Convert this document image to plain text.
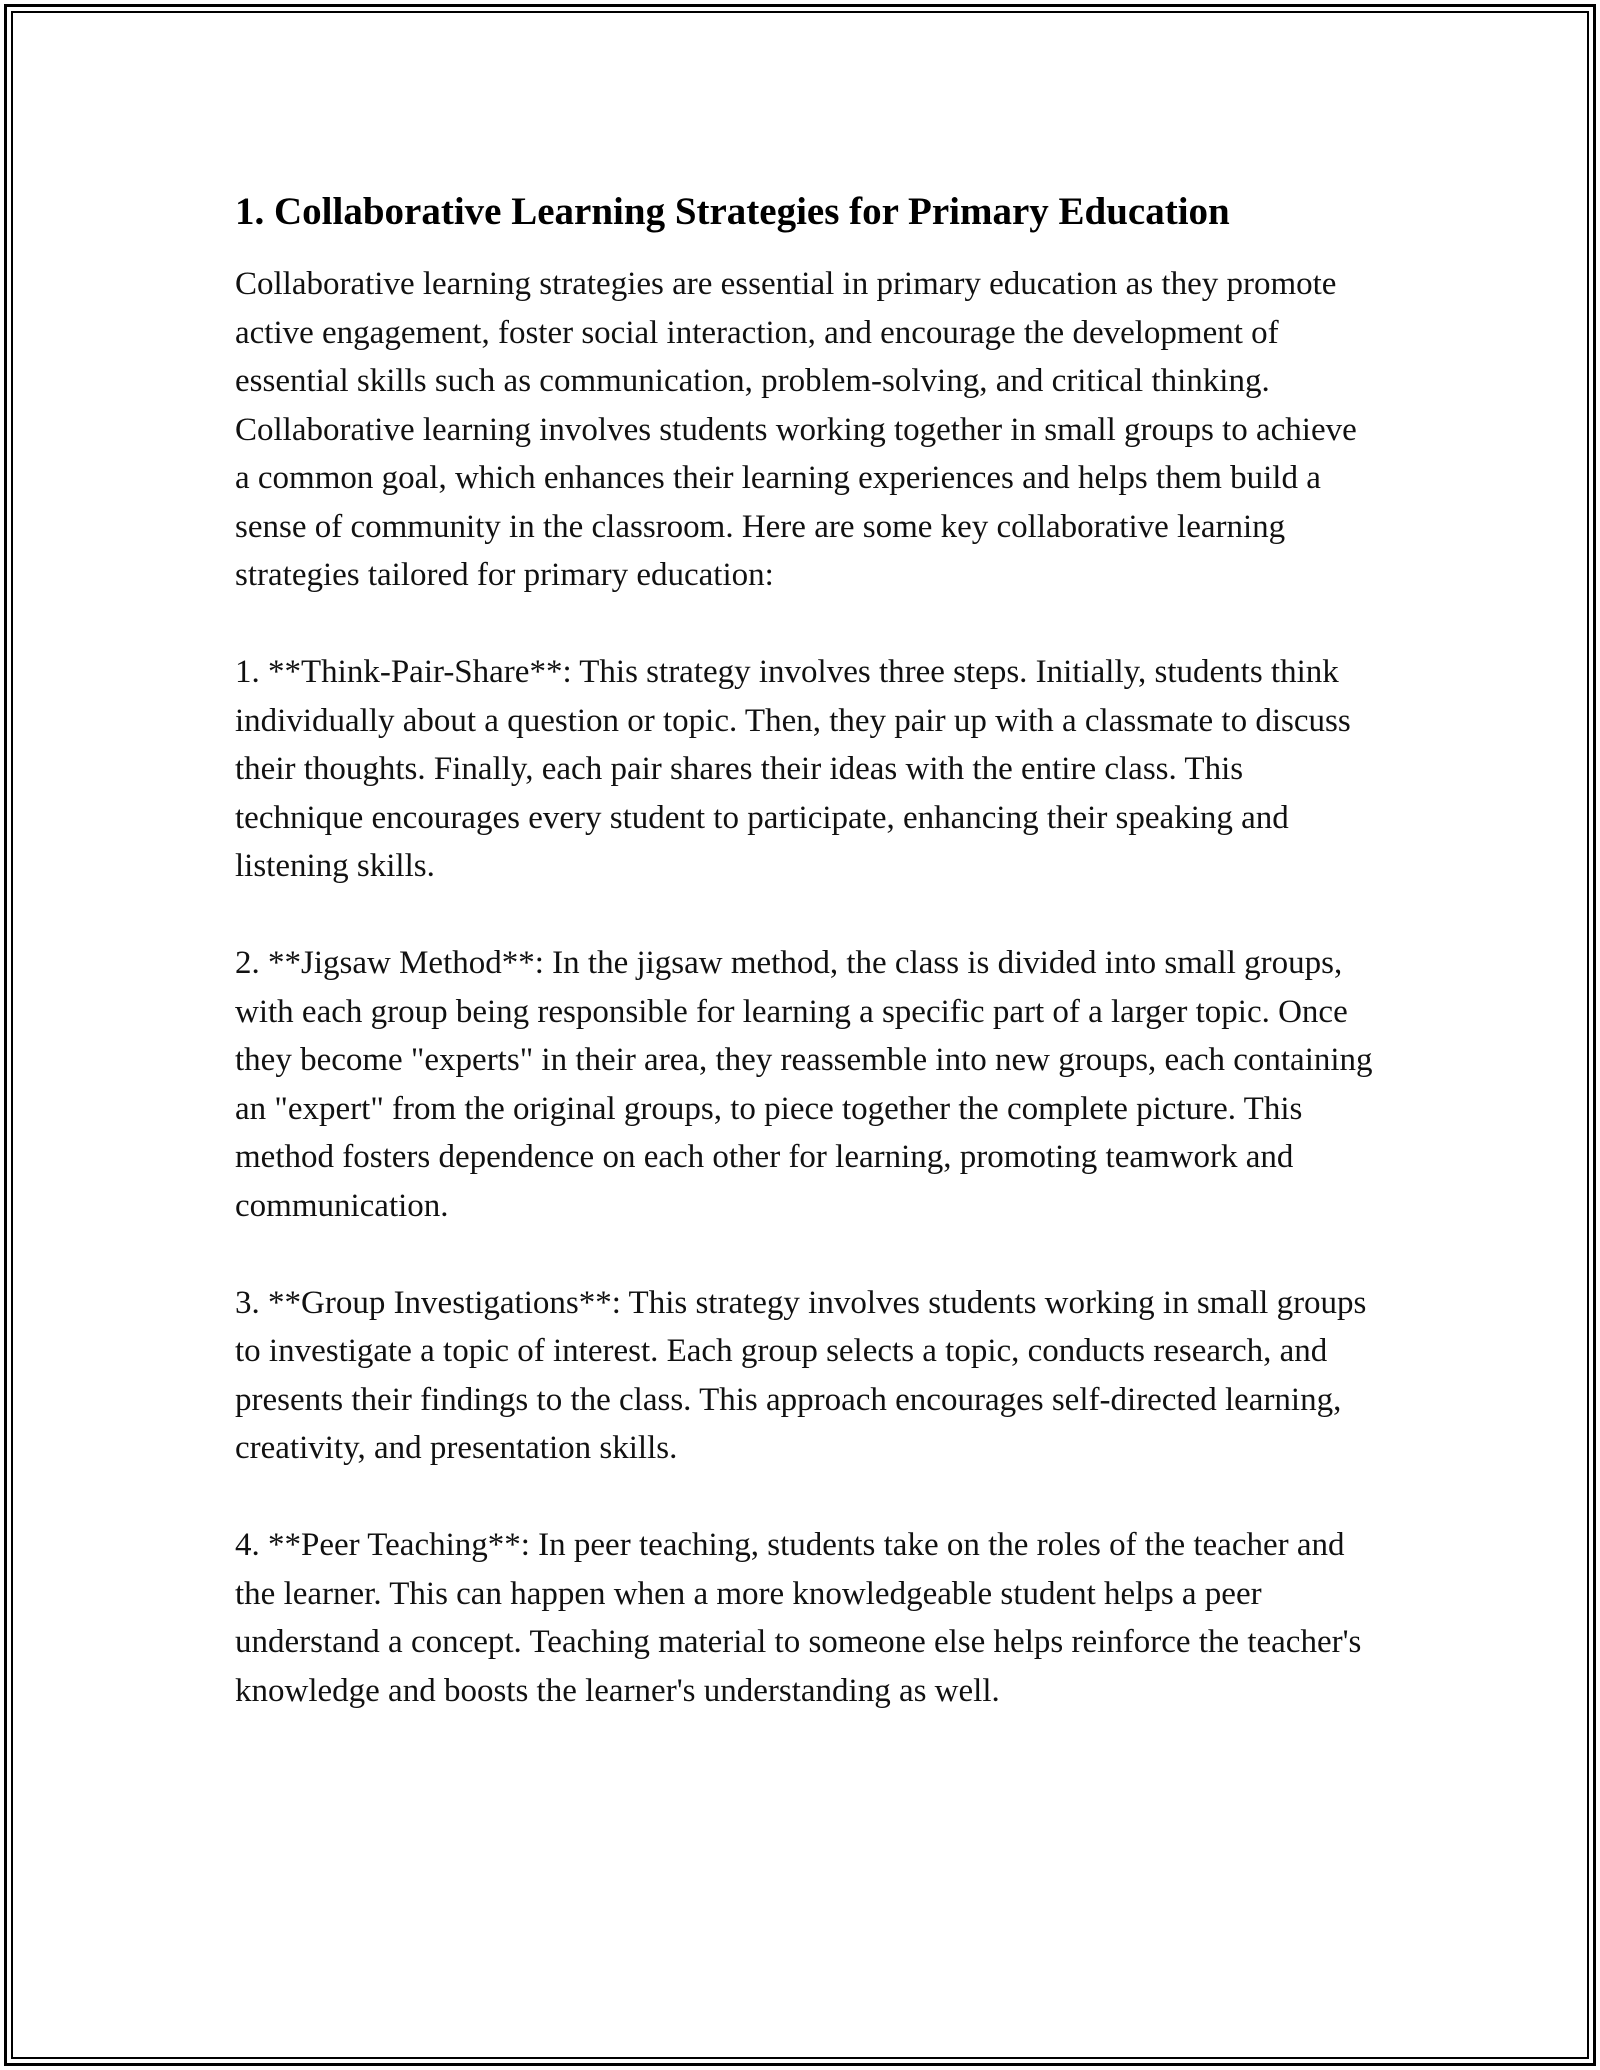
1. Collaborative Learning Strategies for Primary Education

Collaborative learning strategies are essential in primary education as they promote active engagement, foster social interaction, and encourage the development of essential skills such as communication, problem-solving, and critical thinking. Collaborative learning involves students working together in small groups to achieve a common goal, which enhances their learning experiences and helps them build a sense of community in the classroom. Here are some key collaborative learning strategies tailored for primary education:

1. **Think-Pair-Share**: This strategy involves three steps. Initially, students think individually about a question or topic. Then, they pair up with a classmate to discuss their thoughts. Finally, each pair shares their ideas with the entire class. This technique encourages every student to participate, enhancing their speaking and listening skills.

2. **Jigsaw Method**: In the jigsaw method, the class is divided into small groups, with each group being responsible for learning a specific part of a larger topic. Once they become "experts" in their area, they reassemble into new groups, each containing an "expert" from the original groups, to piece together the complete picture. This method fosters dependence on each other for learning, promoting teamwork and communication.

3. **Group Investigations**: This strategy involves students working in small groups to investigate a topic of interest. Each group selects a topic, conducts research, and presents their findings to the class. This approach encourages self-directed learning, creativity, and presentation skills.

4. **Peer Teaching**: In peer teaching, students take on the roles of the teacher and the learner. This can happen when a more knowledgeable student helps a peer understand a concept. Teaching material to someone else helps reinforce the teacher's knowledge and boosts the learner's understanding as well.
